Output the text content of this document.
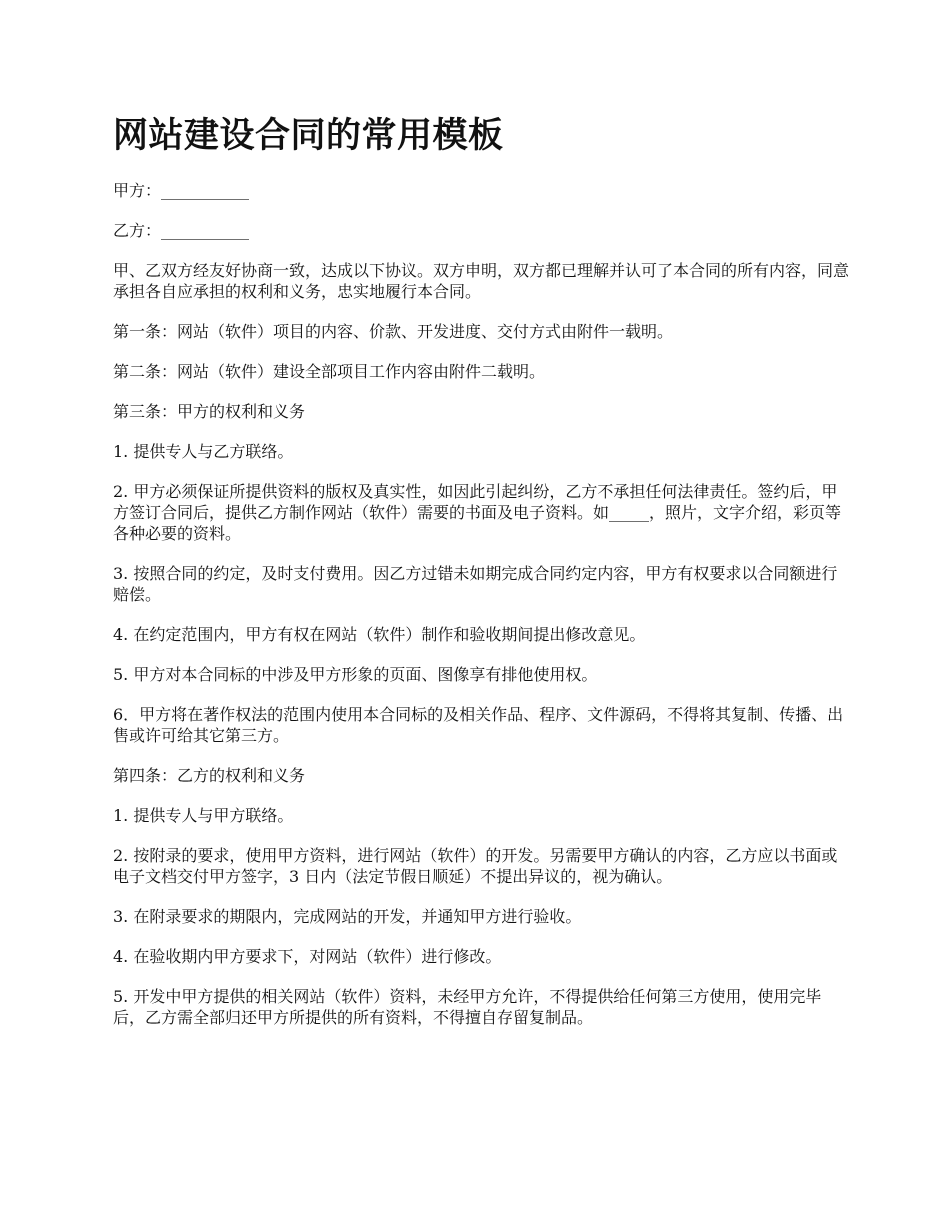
网站建设合同的常用模板

甲方：___________

乙方：___________

甲、乙双方经友好协商一致，达成以下协议。双方申明，双方都已理解并认可了本合同的所有内容，同意承担各自应承担的权利和义务，忠实地履行本合同。

第一条：网站（软件）项目的内容、价款、开发进度、交付方式由附件一载明。

第二条：网站（软件）建设全部项目工作内容由附件二载明。

第三条：甲方的权利和义务

1. 提供专人与乙方联络。

2. 甲方必须保证所提供资料的版权及真实性，如因此引起纠纷，乙方不承担任何法律责任。签约后，甲方签订合同后，提供乙方制作网站（软件）需要的书面及电子资料。如_____，照片，文字介绍，彩页等各种必要的资料。

3. 按照合同的约定，及时支付费用。因乙方过错未如期完成合同约定内容，甲方有权要求以合同额进行赔偿。

4. 在约定范围内，甲方有权在网站（软件）制作和验收期间提出修改意见。

5. 甲方对本合同标的中涉及甲方形象的页面、图像享有排他使用权。

6．甲方将在著作权法的范围内使用本合同标的及相关作品、程序、文件源码，不得将其复制、传播、出售或许可给其它第三方。

第四条：乙方的权利和义务

1. 提供专人与甲方联络。

2. 按附录的要求，使用甲方资料，进行网站（软件）的开发。另需要甲方确认的内容，乙方应以书面或电子文档交付甲方签字，3 日内（法定节假日顺延）不提出异议的，视为确认。

3. 在附录要求的期限内，完成网站的开发，并通知甲方进行验收。

4. 在验收期内甲方要求下，对网站（软件）进行修改。

5. 开发中甲方提供的相关网站（软件）资料，未经甲方允许，不得提供给任何第三方使用，使用完毕后，乙方需全部归还甲方所提供的所有资料，不得擅自存留复制品。
